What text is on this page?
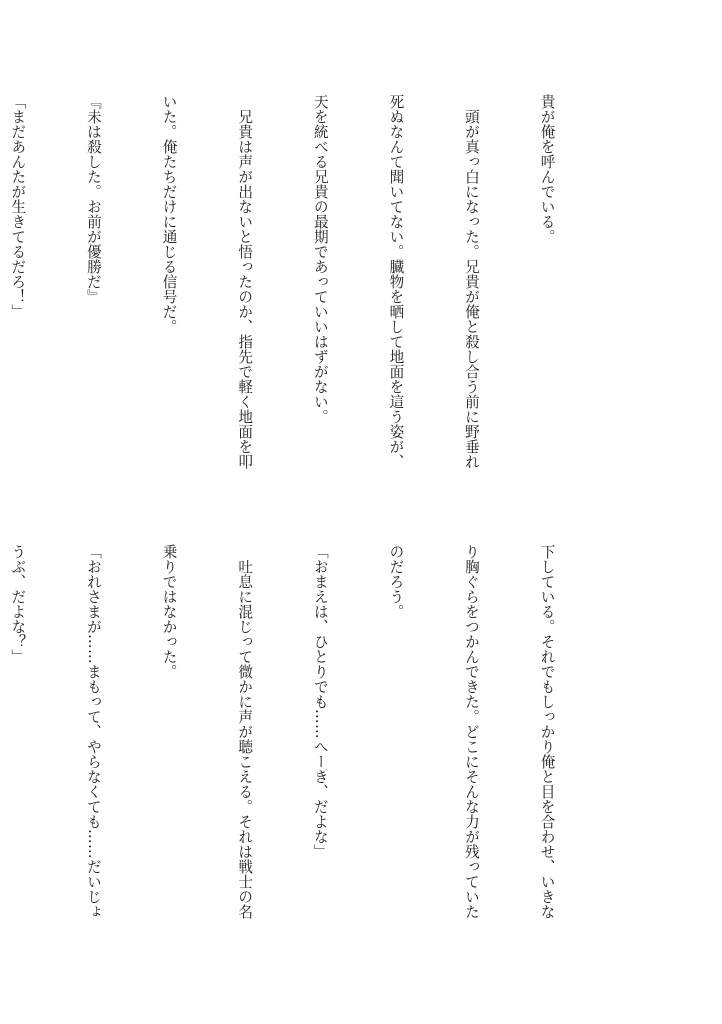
貴が俺を呼んでいる。

　頭が真っ白になった。兄貴が俺と殺し合う前に野垂れ

死ぬなんて聞いてない。臓物を晒して地面を這う姿が、

天を統べる兄貴の最期であっていいはずがない。

　兄貴は声が出ないと悟ったのか、指先で軽く地面を叩

いた。俺たちだけに通じる信号だ。

『未は殺した。お前が優勝だ』

「まだあんたが生きてるだろ！」

下している。それでもしっかり俺と目を合わせ、いきな

り胸ぐらをつかんできた。どこにそんな力が残っていた

のだろう。

「おまえは、ひとりでも……へーき、だよな」

　吐息に混じって微かに声が聴こえる。それは戦士の名

乗りではなかった。

「おれさまが……まもって、やらなくても……だいじょ

うぶ、だよな？」
